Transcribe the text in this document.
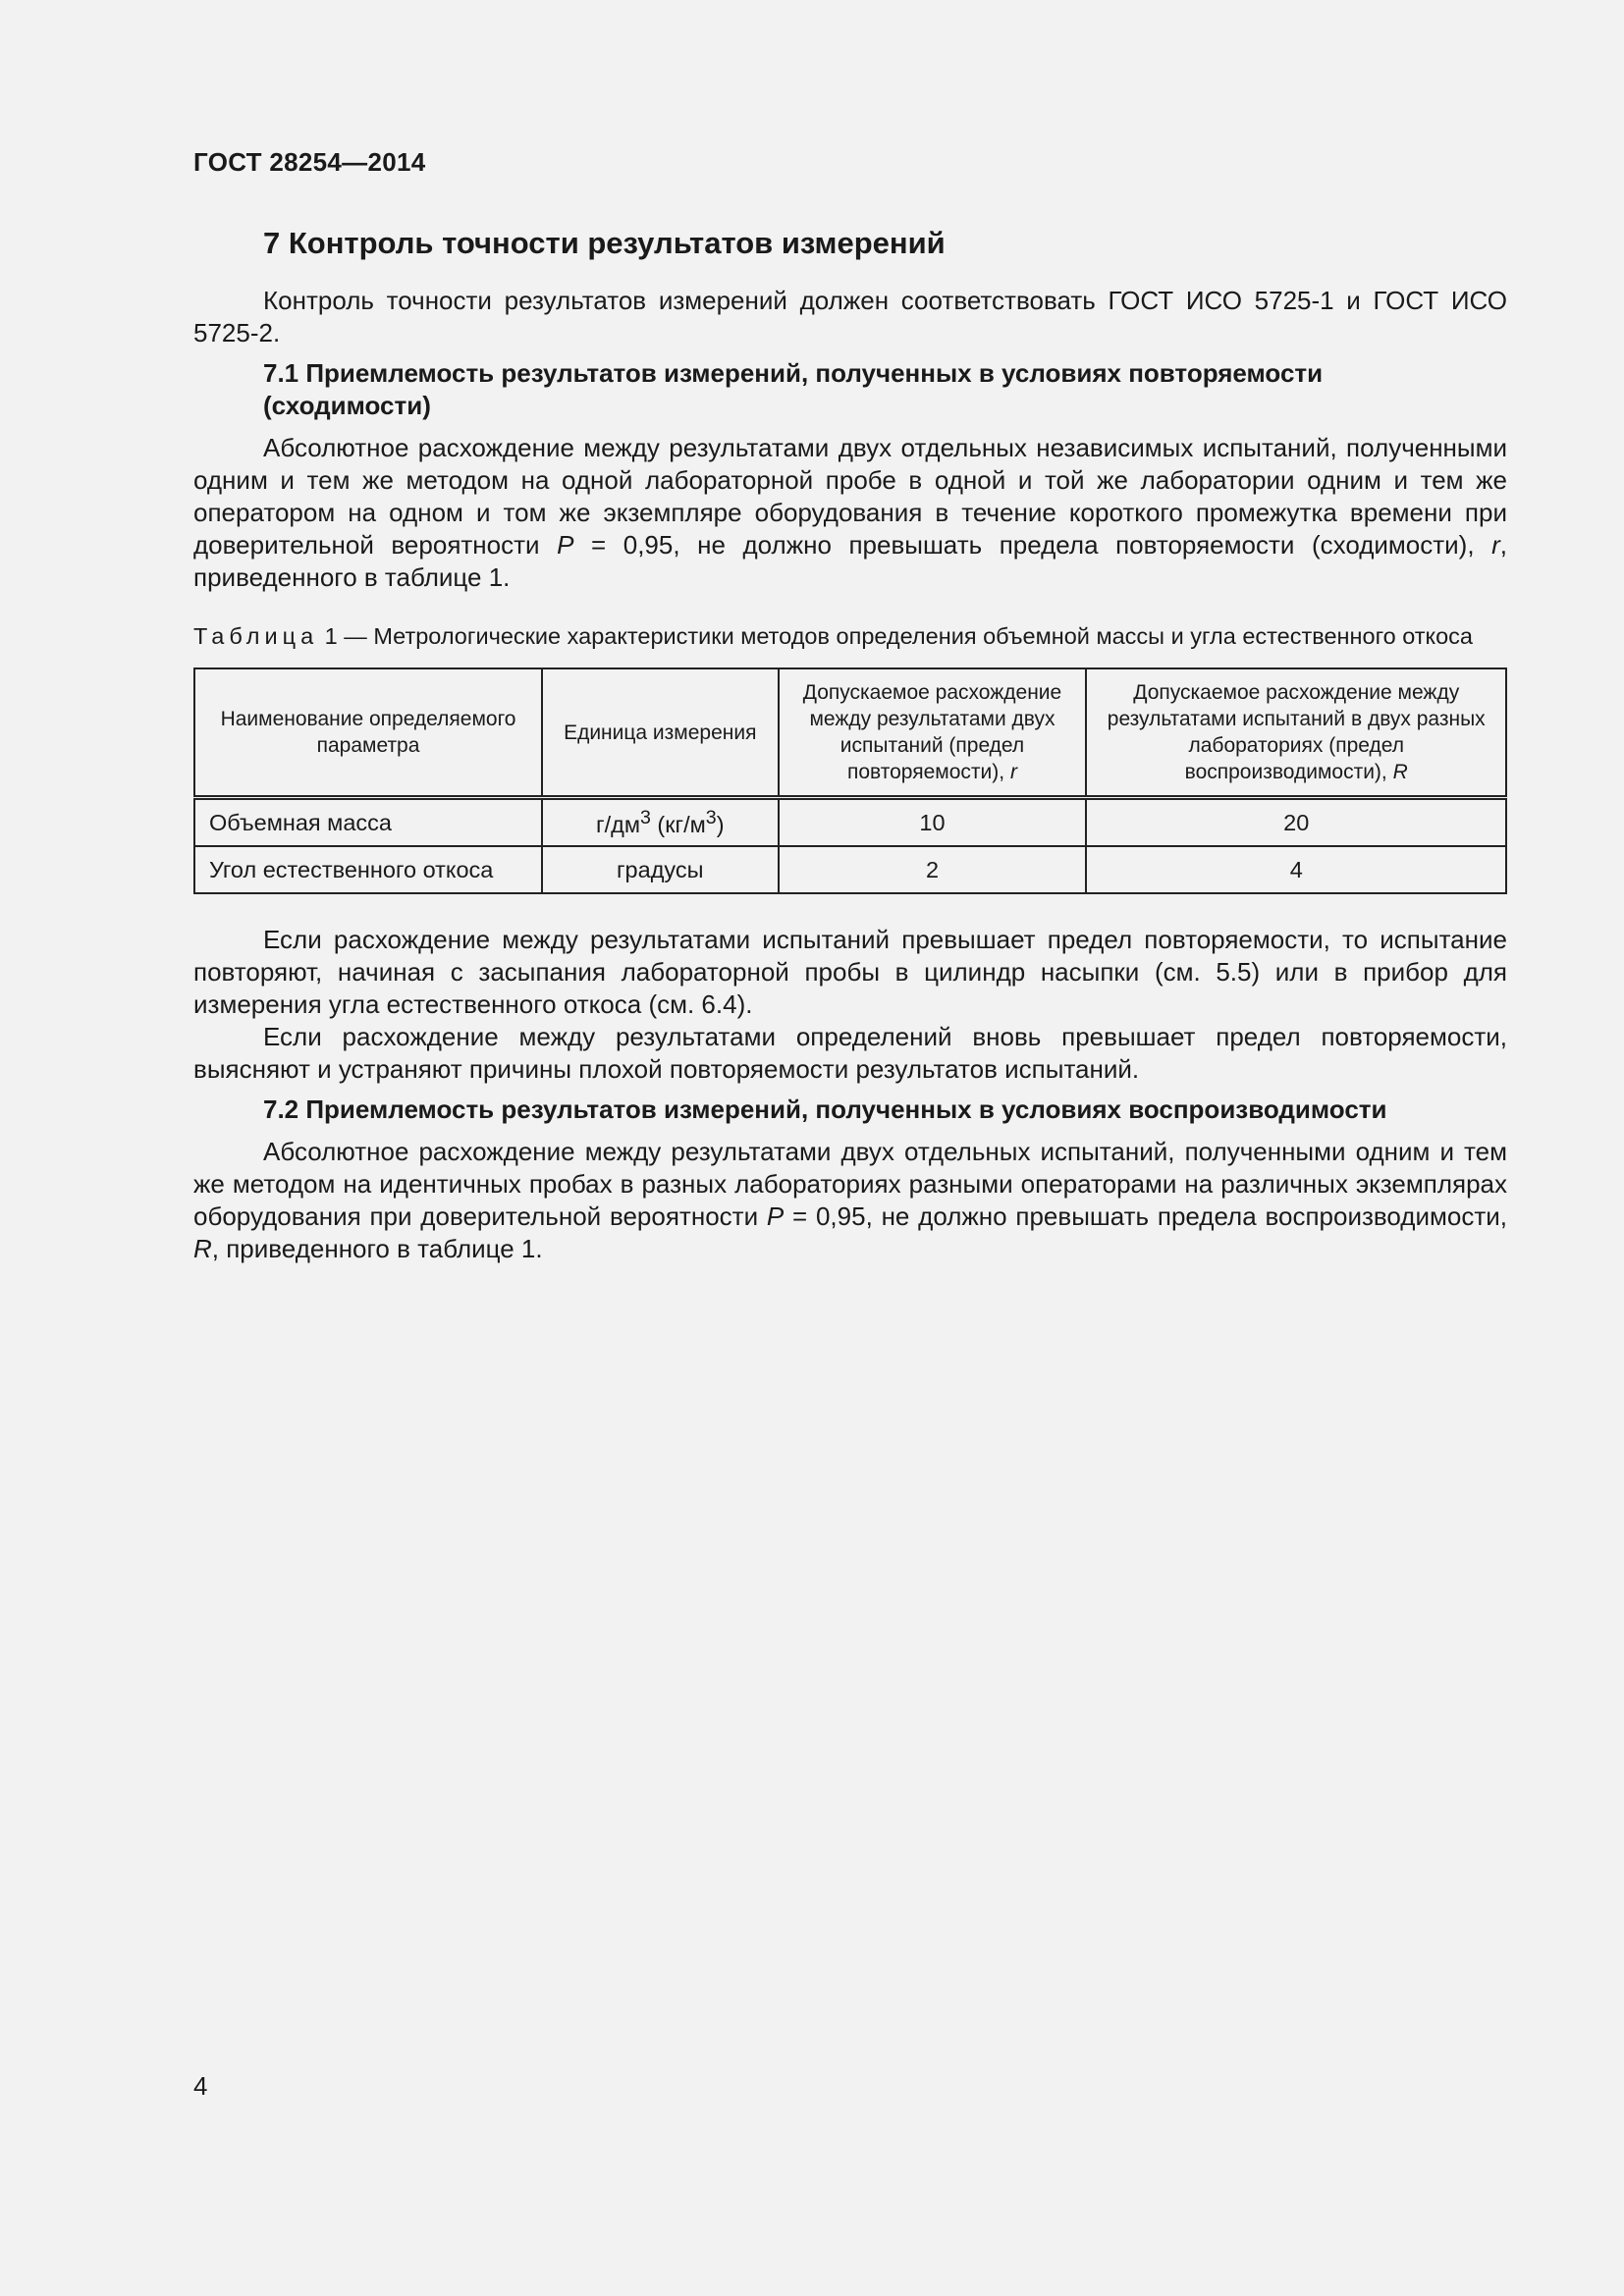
ГОСТ 28254—2014
7 Контроль точности результатов измерений

Контроль точности результатов измерений должен соответствовать ГОСТ ИСО 5725-1 и ГОСТ ИСО 5725-2.

7.1 Приемлемость результатов измерений, полученных в условиях повторяемости
(сходимости)

Абсолютное расхождение между результатами двух отдельных независимых испытаний, полученными одним и тем же методом на одной лабораторной пробе в одной и той же лаборатории одним и тем же оператором на одном и том же экземпляре оборудования в течение короткого промежутка времени при доверительной вероятности P = 0,95, не должно превышать предела повторяемости (сходимости), r, приведенного в таблице 1.

Таблица 1 — Метрологические характеристики методов определения объемной массы и угла естественного откоса
Наименование определяемого параметра	Единица измерения	Допускаемое расхождение между результатами двух испытаний (предел повторяемости), r	Допускаемое расхождение между результатами испытаний в двух разных лабораториях (предел воспроизводимости), R
Объемная масса	$г/дм^3$ $(кг/м^3)$	10	20
Угол естественного откоса	градусы	2	4

Если расхождение между результатами испытаний превышает предел повторяемости, то испытание повторяют, начиная с засыпания лабораторной пробы в цилиндр насыпки (см. 5.5) или в прибор для измерения угла естественного откоса (см. 6.4).

Если расхождение между результатами определений вновь превышает предел повторяемости, выясняют и устраняют причины плохой повторяемости результатов испытаний.

7.2 Приемлемость результатов измерений, полученных в условиях воспроизводимости

Абсолютное расхождение между результатами двух отдельных испытаний, полученными одним и тем же методом на идентичных пробах в разных лабораториях разными операторами на различных экземплярах оборудования при доверительной вероятности P = 0,95, не должно превышать предела воспроизводимости, R, приведенного в таблице 1.

4
